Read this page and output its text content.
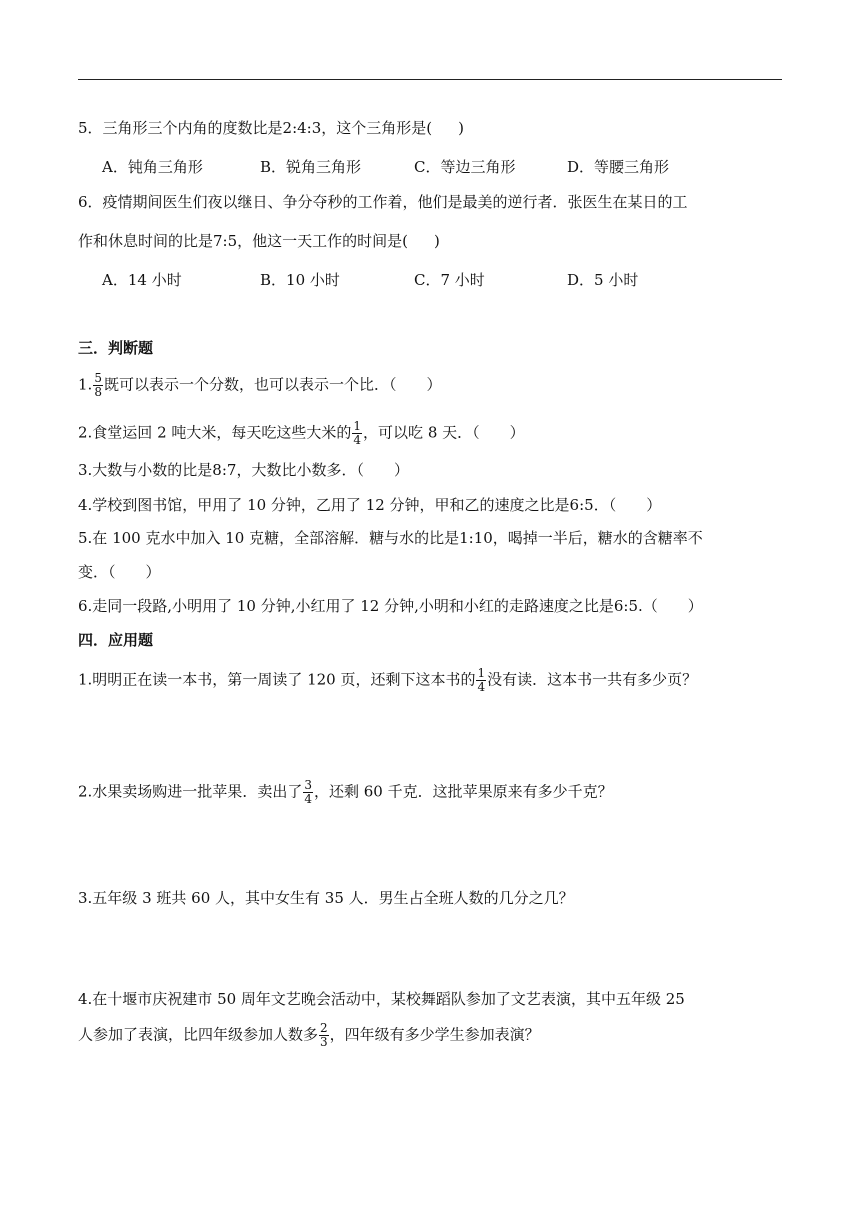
5．三角形三个内角的度数比是2:4:3，这个三角形是( )
A．钝角三角形	B．锐角三角形	C．等边三角形	D．等腰三角形
6．疫情期间医生们夜以继日、争分夺秒的工作着，他们是最美的逆行者．张医生在某日的工
作和休息时间的比是7:5，他这一天工作的时间是( )
A．14 小时	B．10 小时	C．7 小时	D．5 小时
三．判断题
1. $\frac{5}{8}$ 既可以表示一个分数，也可以表示一个比．（　　）
2.食堂运回 2 吨大米，每天吃这些大米的 $\frac{1}{4}$ ，可以吃 8 天．（　　）
3.大数与小数的比是8:7，大数比小数多．（　　）
4.学校到图书馆，甲用了 10 分钟，乙用了 12 分钟，甲和乙的速度之比是6:5．（　　）
5.在 100 克水中加入 10 克糖，全部溶解．糖与水的比是1:10，喝掉一半后，糖水的含糖率不
变．（　　）
6.走同一段路,小明用了 10 分钟,小红用了 12 分钟,小明和小红的走路速度之比是6:5.（　　）
四．应用题
1.明明正在读一本书，第一周读了 120 页，还剩下这本书的 $\frac{1}{4}$ 没有读．这本书一共有多少页？
2.水果卖场购进一批苹果．卖出了 $\frac{3}{4}$ ，还剩 60 千克．这批苹果原来有多少千克？
3.五年级 3 班共 60 人，其中女生有 35 人．男生占全班人数的几分之几？
4.在十堰市庆祝建市 50 周年文艺晚会活动中，某校舞蹈队参加了文艺表演，其中五年级 25
人参加了表演，比四年级参加人数多 $\frac{2}{3}$ ，四年级有多少学生参加表演？
